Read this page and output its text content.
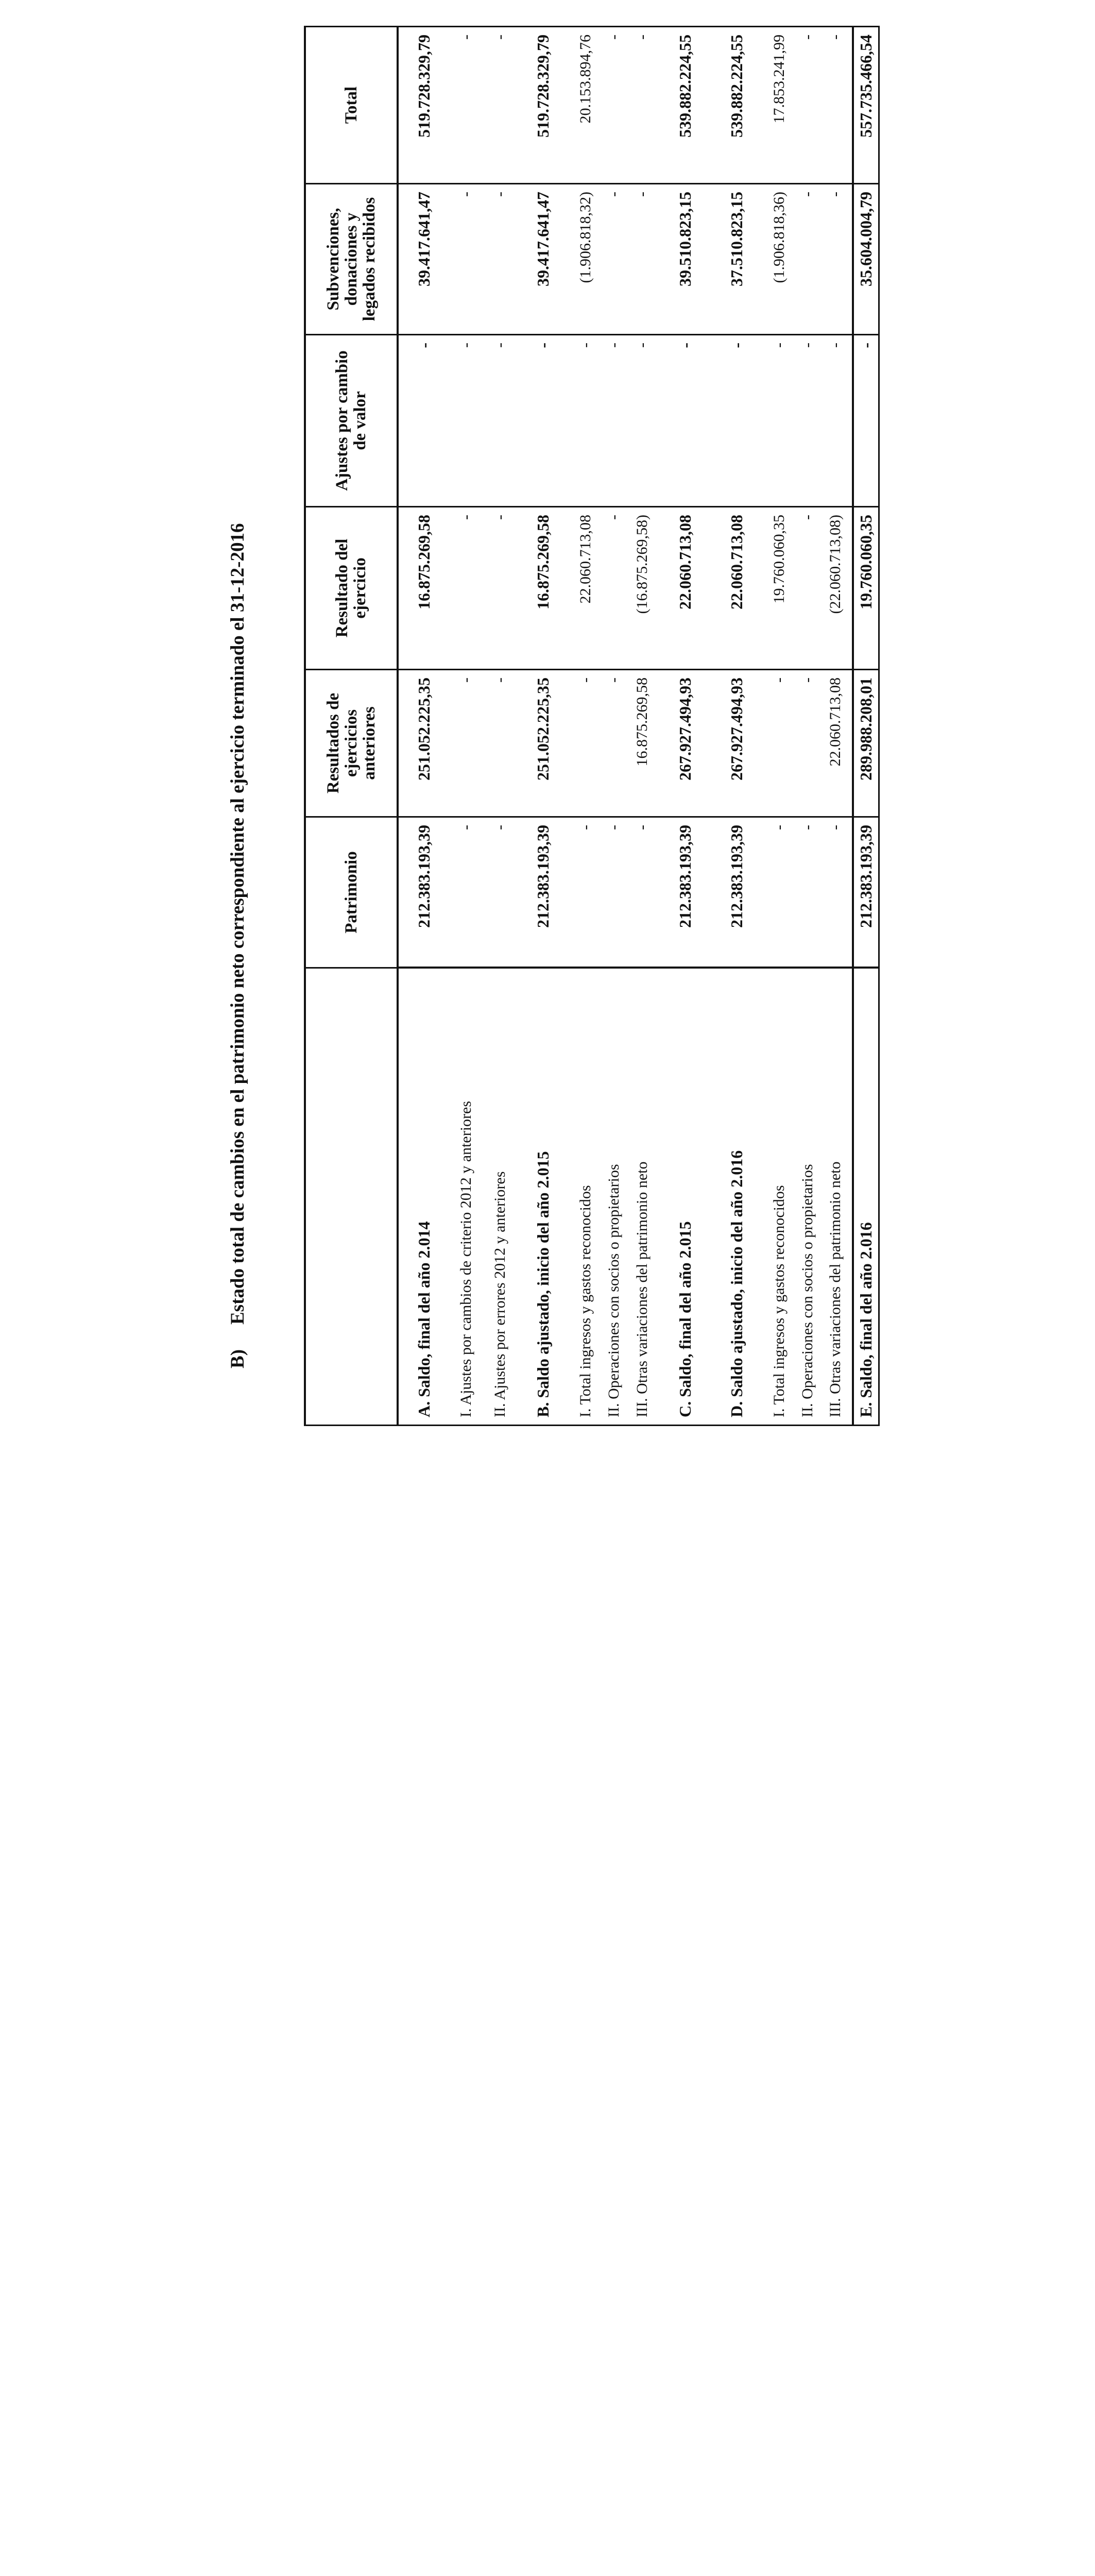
B)
Estado total de cambios en el patrimonio neto correspondiente al ejercicio terminado el 31-12-2016
		Patrimonio	Resultados de ejercicios anteriores	Resultado del ejercicio	Ajustes por cambio de valor	Subvenciones, donaciones y legados recibidos	Total
A. Saldo, final del año 2.014	212.383.193,39	251.052.225,35	16.875.269,58	-	39.417.641,47	519.728.329,79
I. Ajustes por cambios de criterio 2012 y anteriores	-	-	-	-	-	-
II. Ajustes por errores 2012 y anteriores	-	-	-	-	-	-
B. Saldo ajustado, inicio del año 2.015	212.383.193,39	251.052.225,35	16.875.269,58	-	39.417.641,47	519.728.329,79
I. Total ingresos y gastos reconocidos	-	-	22.060.713,08	-	(1.906.818,32)	20.153.894,76
II. Operaciones con socios o propietarios	-	-	-	-	-	-
III. Otras variaciones del patrimonio neto	-	16.875.269,58	(16.875.269,58)	-	-	-
C. Saldo, final del año 2.015	212.383.193,39	267.927.494,93	22.060.713,08	-	39.510.823,15	539.882.224,55
D. Saldo ajustado, inicio del año 2.016	212.383.193,39	267.927.494,93	22.060.713,08	-	37.510.823,15	539.882.224,55
I. Total ingresos y gastos reconocidos	-	-	19.760.060,35	-	(1.906.818,36)	17.853.241,99
II. Operaciones con socios o propietarios	-	-	-	-	-	-
III. Otras variaciones del patrimonio neto	-	22.060.713,08	(22.060.713,08)	-	-	-
E. Saldo, final del año 2.016	212.383.193,39	289.988.208,01	19.760.060,35	-	35.604.004,79	557.735.466,54
